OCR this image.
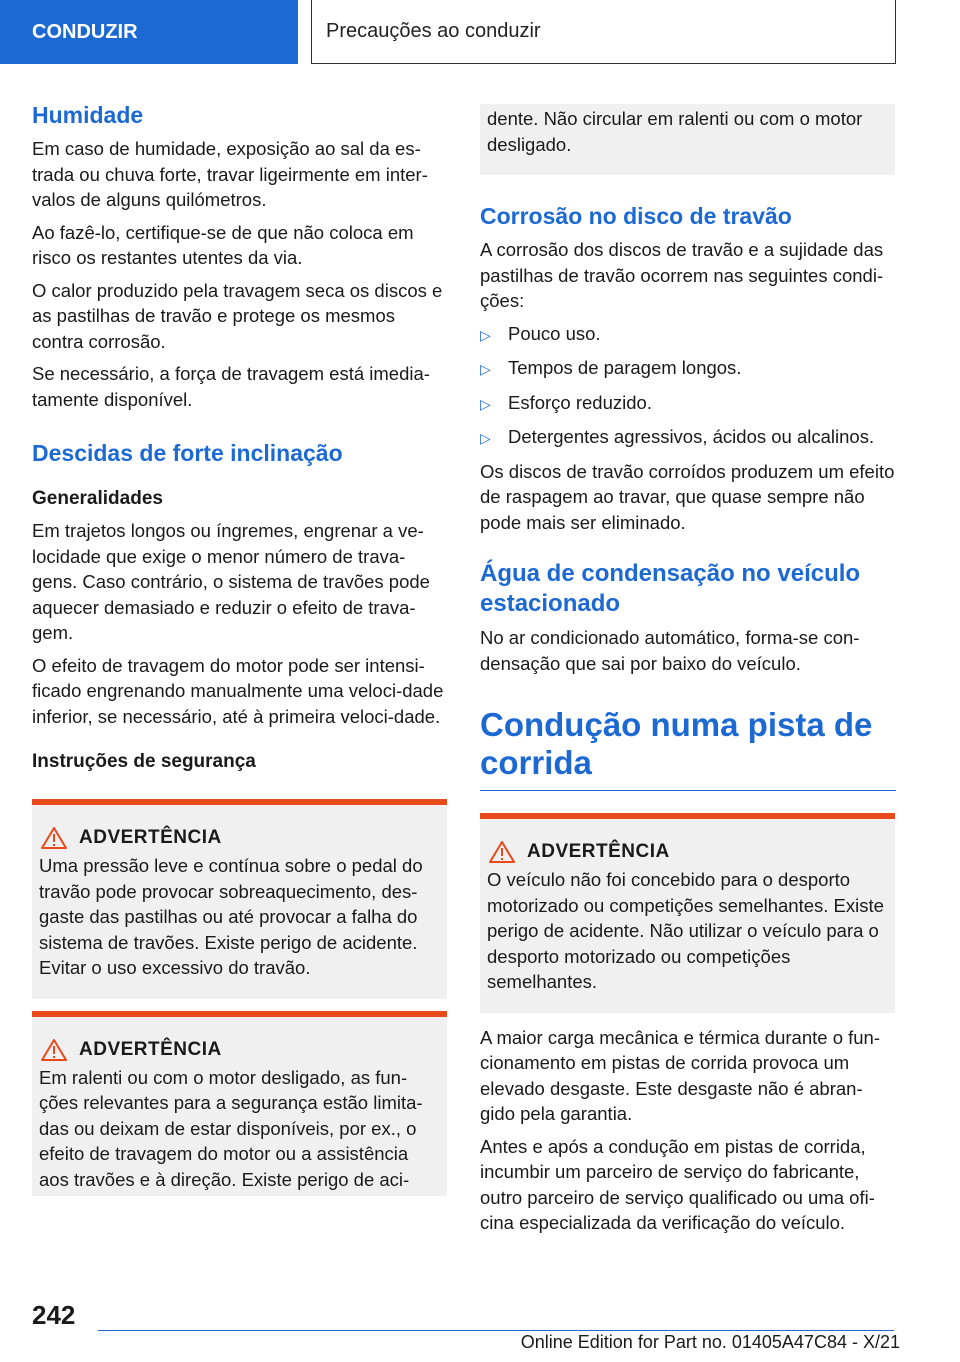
CONDUZIR	Precauções ao conduzir
Humidade

Em caso de humidade, exposição ao sal da es-trada ou chuva forte, travar ligeirmente em inter-valos de alguns quilómetros.

Ao fazê-lo, certifique-se de que não coloca em risco os restantes utentes da via.

O calor produzido pela travagem seca os discos e as pastilhas de travão e protege os mesmos contra corrosão.

Se necessário, a força de travagem está imedia-tamente disponível.

Descidas de forte inclinação
Generalidades

Em trajetos longos ou íngremes, engrenar a ve-locidade que exige o menor número de trava-gens. Caso contrário, o sistema de travões pode aquecer demasiado e reduzir o efeito de trava-gem.

O efeito de travagem do motor pode ser intensi-ficado engrenando manualmente uma veloci-dade inferior, se necessário, até à primeira veloci-dade.

Instruções de segurança
ADVERTÊNCIA

Uma pressão leve e contínua sobre o pedal do travão pode provocar sobreaquecimento, des-gaste das pastilhas ou até provocar a falha do sistema de travões. Existe perigo de acidente. Evitar o uso excessivo do travão.

ADVERTÊNCIA

Em ralenti ou com o motor desligado, as fun-ções relevantes para a segurança estão limita-das ou deixam de estar disponíveis, por ex., o efeito de travagem do motor ou a assistência aos travões e à direção. Existe perigo de aci-

dente. Não circular em ralenti ou com o motor desligado.

Corrosão no disco de travão

A corrosão dos discos de travão e a sujidade das pastilhas de travão ocorrem nas seguintes condi-ções:

▷ Pouco uso.
▷ Tempos de paragem longos.
▷ Esforço reduzido.
▷ Detergentes agressivos, ácidos ou alcalinos.

Os discos de travão corroídos produzem um efeito de raspagem ao travar, que quase sempre não pode mais ser eliminado.

Água de condensação no veículo estacionado

No ar condicionado automático, forma-se con-densação que sai por baixo do veículo.

Condução numa pista de corrida
ADVERTÊNCIA

O veículo não foi concebido para o desporto motorizado ou competições semelhantes. Existe perigo de acidente. Não utilizar o veículo para o desporto motorizado ou competições semelhantes.

A maior carga mecânica e térmica durante o fun-cionamento em pistas de corrida provoca um elevado desgaste. Este desgaste não é abran-gido pela garantia.

Antes e após a condução em pistas de corrida, incumbir um parceiro de serviço do fabricante, outro parceiro de serviço qualificado ou uma ofi-cina especializada da verificação do veículo.

242
Online Edition for Part no. 01405A47C84 - X/21
